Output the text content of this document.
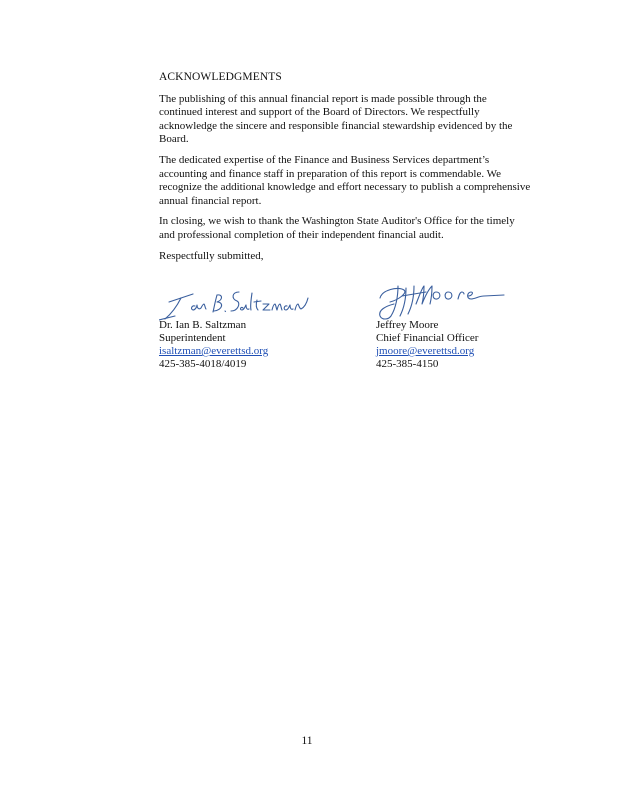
ACKNOWLEDGMENTS

The publishing of this annual financial report is made possible through the continued interest and support of the Board of Directors. We respectfully acknowledge the sincere and responsible financial stewardship evidenced by the Board.

The dedicated expertise of the Finance and Business Services department’s accounting and finance staff in preparation of this report is commendable. We recognize the additional knowledge and effort necessary to publish a comprehensive annual financial report.

In closing, we wish to thank the Washington State Auditor's Office for the timely and professional completion of their independent financial audit.

Respectfully submitted,

Dr. Ian B. Saltzman
Superintendent
isaltzman@everettsd.org
425-385-4018/4019
Jeffrey Moore
Chief Financial Officer
jmoore@everettsd.org
425-385-4150
11
